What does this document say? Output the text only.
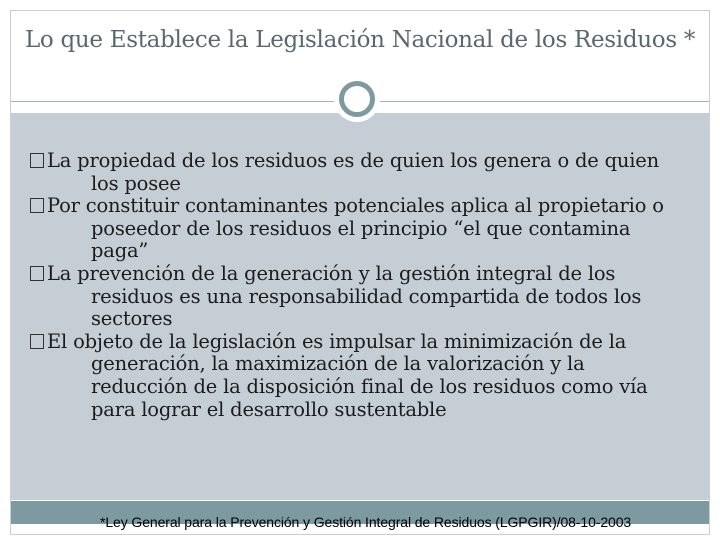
Lo que Establece la Legislación Nacional de los Residuos *
La propiedad de los residuos es de quien los genera o de quien los posee
Por constituir contaminantes potenciales aplica al propietario o poseedor de los residuos el principio “el que contamina paga”
La prevención de la generación y la gestión integral de los residuos es una responsabilidad compartida de todos los sectores
El objeto de la legislación es impulsar la minimización de la generación, la maximización de la valorización y la reducción de la disposición final de los residuos como vía para lograr el desarrollo sustentable

*Ley General para la Prevención y Gestión Integral de Residuos (LGPGIR)/08-10-2003
